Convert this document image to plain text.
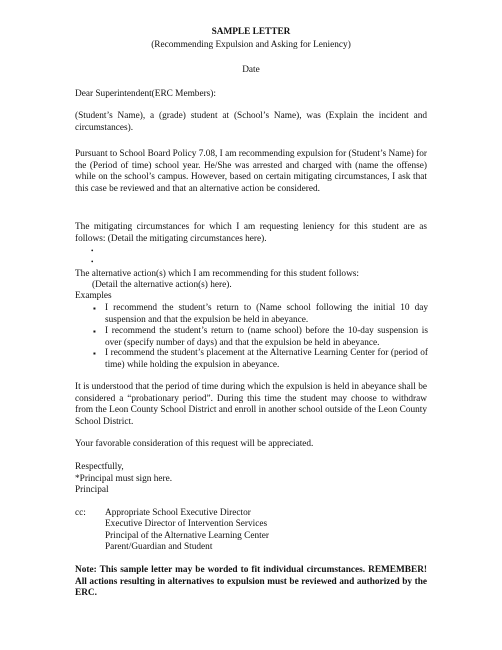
SAMPLE LETTER
(Recommending Expulsion and Asking for Leniency)
Date
Dear Superintendent(ERC Members):
(Student’s Name), a (grade) student at (School’s Name), was (Explain the incident and circumstances).
Pursuant to School Board Policy 7.08, I am recommending expulsion for (Student’s Name) for the (Period of time) school year. He/She was arrested and charged with (name the offense) while on the school’s campus. However, based on certain mitigating circumstances, I ask that this case be reviewed and that an alternative action be considered.
The mitigating circumstances for which I am requesting leniency for this student are as follows: (Detail the mitigating circumstances here).
•
•
The alternative action(s) which I am recommending for this student follows:
(Detail the alternative action(s) here).
Examples
▪ I recommend the student’s return to (Name school following the initial 10 day suspension and that the expulsion be held in abeyance.
▪ I recommend the student’s return to (name school) before the 10-day suspension is over (specify number of days) and that the expulsion be held in abeyance.
▪ I recommend the student’s placement at the Alternative Learning Center for (period of time) while holding the expulsion in abeyance.
It is understood that the period of time during which the expulsion is held in abeyance shall be considered a “probationary period”. During this time the student may choose to withdraw from the Leon County School District and enroll in another school outside of the Leon County School District.
Your favorable consideration of this request will be appreciated.
Respectfully,
*Principal must sign here.
Principal
cc: Appropriate School Executive Director
Executive Director of Intervention Services
Principal of the Alternative Learning Center
Parent/Guardian and Student
Note: This sample letter may be worded to fit individual circumstances. REMEMBER! All actions resulting in alternatives to expulsion must be reviewed and authorized by the ERC.
